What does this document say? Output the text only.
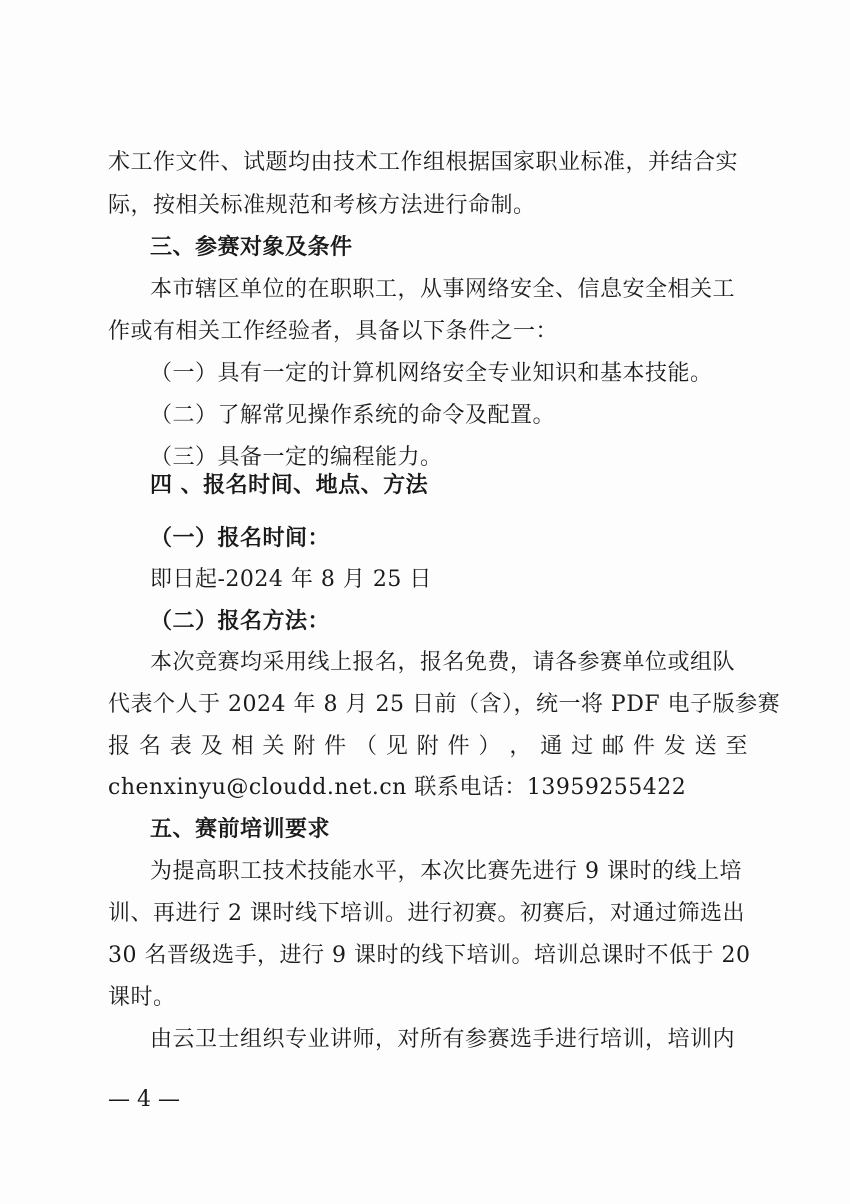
术工作文件、试题均由技术工作组根据国家职业标准，并结合实
际，按相关标准规范和考核方法进行命制。
三、参赛对象及条件
本市辖区单位的在职职工，从事网络安全、信息安全相关工
作或有相关工作经验者，具备以下条件之一：
（一）具有一定的计算机网络安全专业知识和基本技能。
（二）了解常见操作系统的命令及配置。
（三）具备一定的编程能力。
四 、报名时间、地点、方法
（一）报名时间：
即日起-2024 年 8 月 25 日
（二）报名方法：
本次竞赛均采用线上报名，报名免费，请各参赛单位或组队
代表个人于 2024 年 8 月 25 日前（含），统一将 PDF 电子版参赛
报 名 表 及 相 关 附 件 （ 见 附 件 ） ， 通 过 邮 件 发 送 至
chenxinyu@cloudd.net.cn 联系电话：13959255422
五、赛前培训要求
为提高职工技术技能水平，本次比赛先进行 9 课时的线上培
训、再进行 2 课时线下培训。进行初赛。初赛后，对通过筛选出
30 名晋级选手，进行 9 课时的线下培训。培训总课时不低于 20
课时。
由云卫士组织专业讲师，对所有参赛选手进行培训，培训内
— 4 —
